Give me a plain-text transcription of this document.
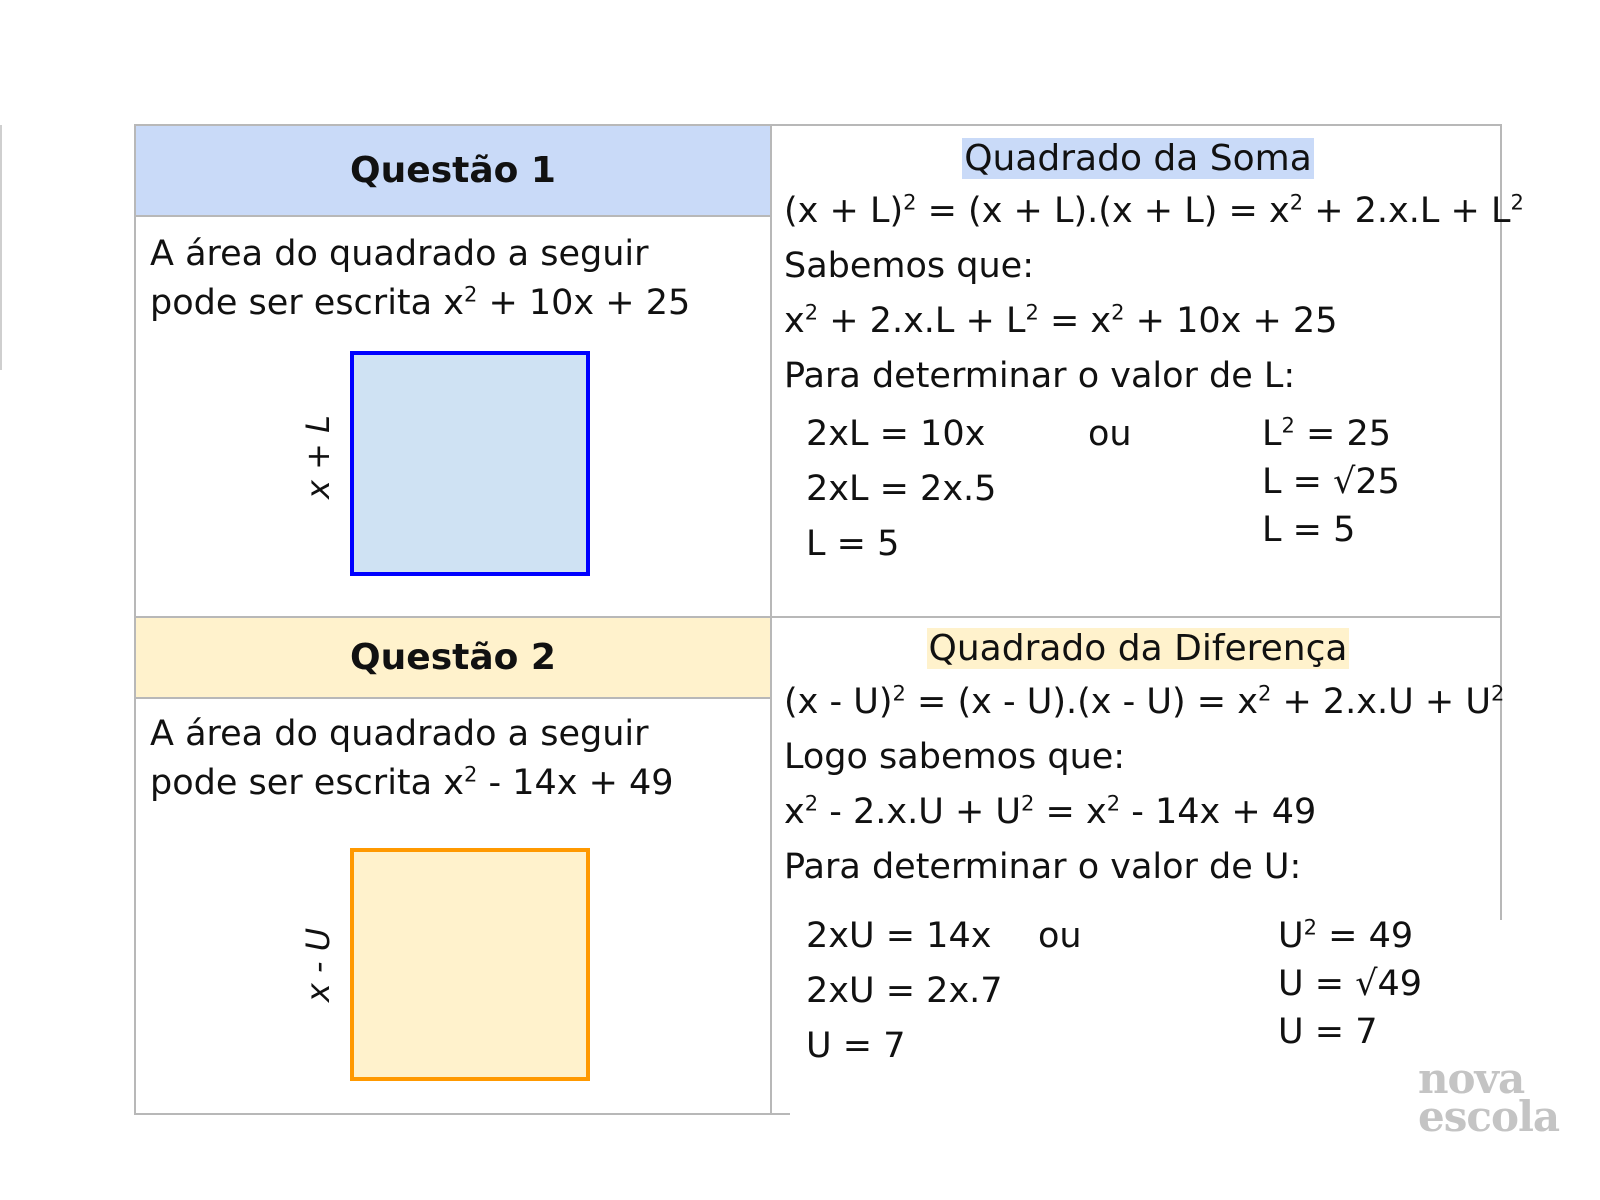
Questão 1
A área do quadrado a seguir
pode ser escrita $x^2 + 10x + 25$
x + L
Quadrado da Soma
$(x + L)^2 = (x + L).(x + L) = x^2 + 2.x.L + L^2$
Sabemos que:
$x^2 + 2.x.L + L^2 = x^2 + 10x + 25$
Para determinar o valor de L:
2xL = 10x
2xL = 2x.5
L = 5
ou	$L^2 = 25$
L = √25
L = 5
Questão 2
A área do quadrado a seguir
pode ser escrita $x^2 - 14x + 49$
x - U
Quadrado da Diferença
$(x - U)^2 = (x - U).(x - U) = x^2 + 2.x.U + U^2$
Logo sabemos que:
$x^2 - 2.x.U + U^2 = x^2 - 14x + 49$
Para determinar o valor de U:
2xU = 14x
2xU = 2x.7
U = 7
ou	$U^2 = 49$
U = √49
U = 7
nova
escola
